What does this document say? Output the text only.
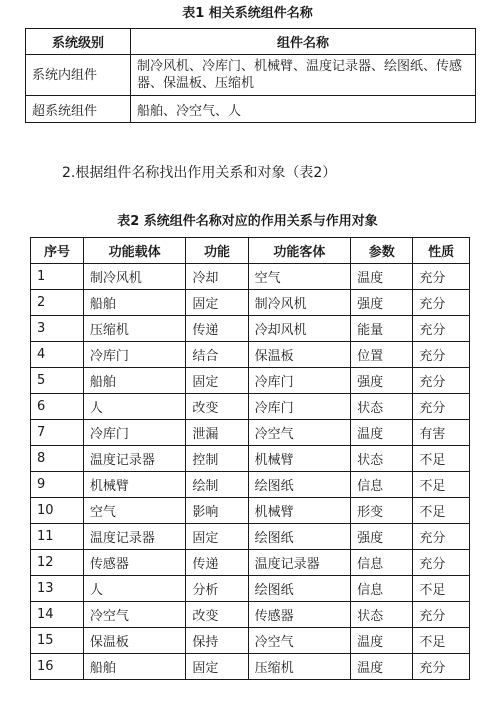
表1 相关系统组件名称
系统级别	组件名称
系统内组件	制冷风机、冷库门、机械臂、温度记录器、绘图纸、传感器、保温板、压缩机
超系统组件	船舶、冷空气、人
2.根据组件名称找出作用关系和对象（表2）
表2 系统组件名称对应的作用关系与作用对象
序号	功能载体	功能	功能客体	参数	性质
1	制冷风机	冷却	空气	温度	充分
2	船舶	固定	制冷风机	强度	充分
3	压缩机	传递	冷却风机	能量	充分
4	冷库门	结合	保温板	位置	充分
5	船舶	固定	冷库门	强度	充分
6	人	改变	冷库门	状态	充分
7	冷库门	泄漏	冷空气	温度	有害
8	温度记录器	控制	机械臂	状态	不足
9	机械臂	绘制	绘图纸	信息	不足
10	空气	影响	机械臂	形变	不足
11	温度记录器	固定	绘图纸	强度	充分
12	传感器	传递	温度记录器	信息	充分
13	人	分析	绘图纸	信息	不足
14	冷空气	改变	传感器	状态	充分
15	保温板	保持	冷空气	温度	不足
16	船舶	固定	压缩机	温度	充分
